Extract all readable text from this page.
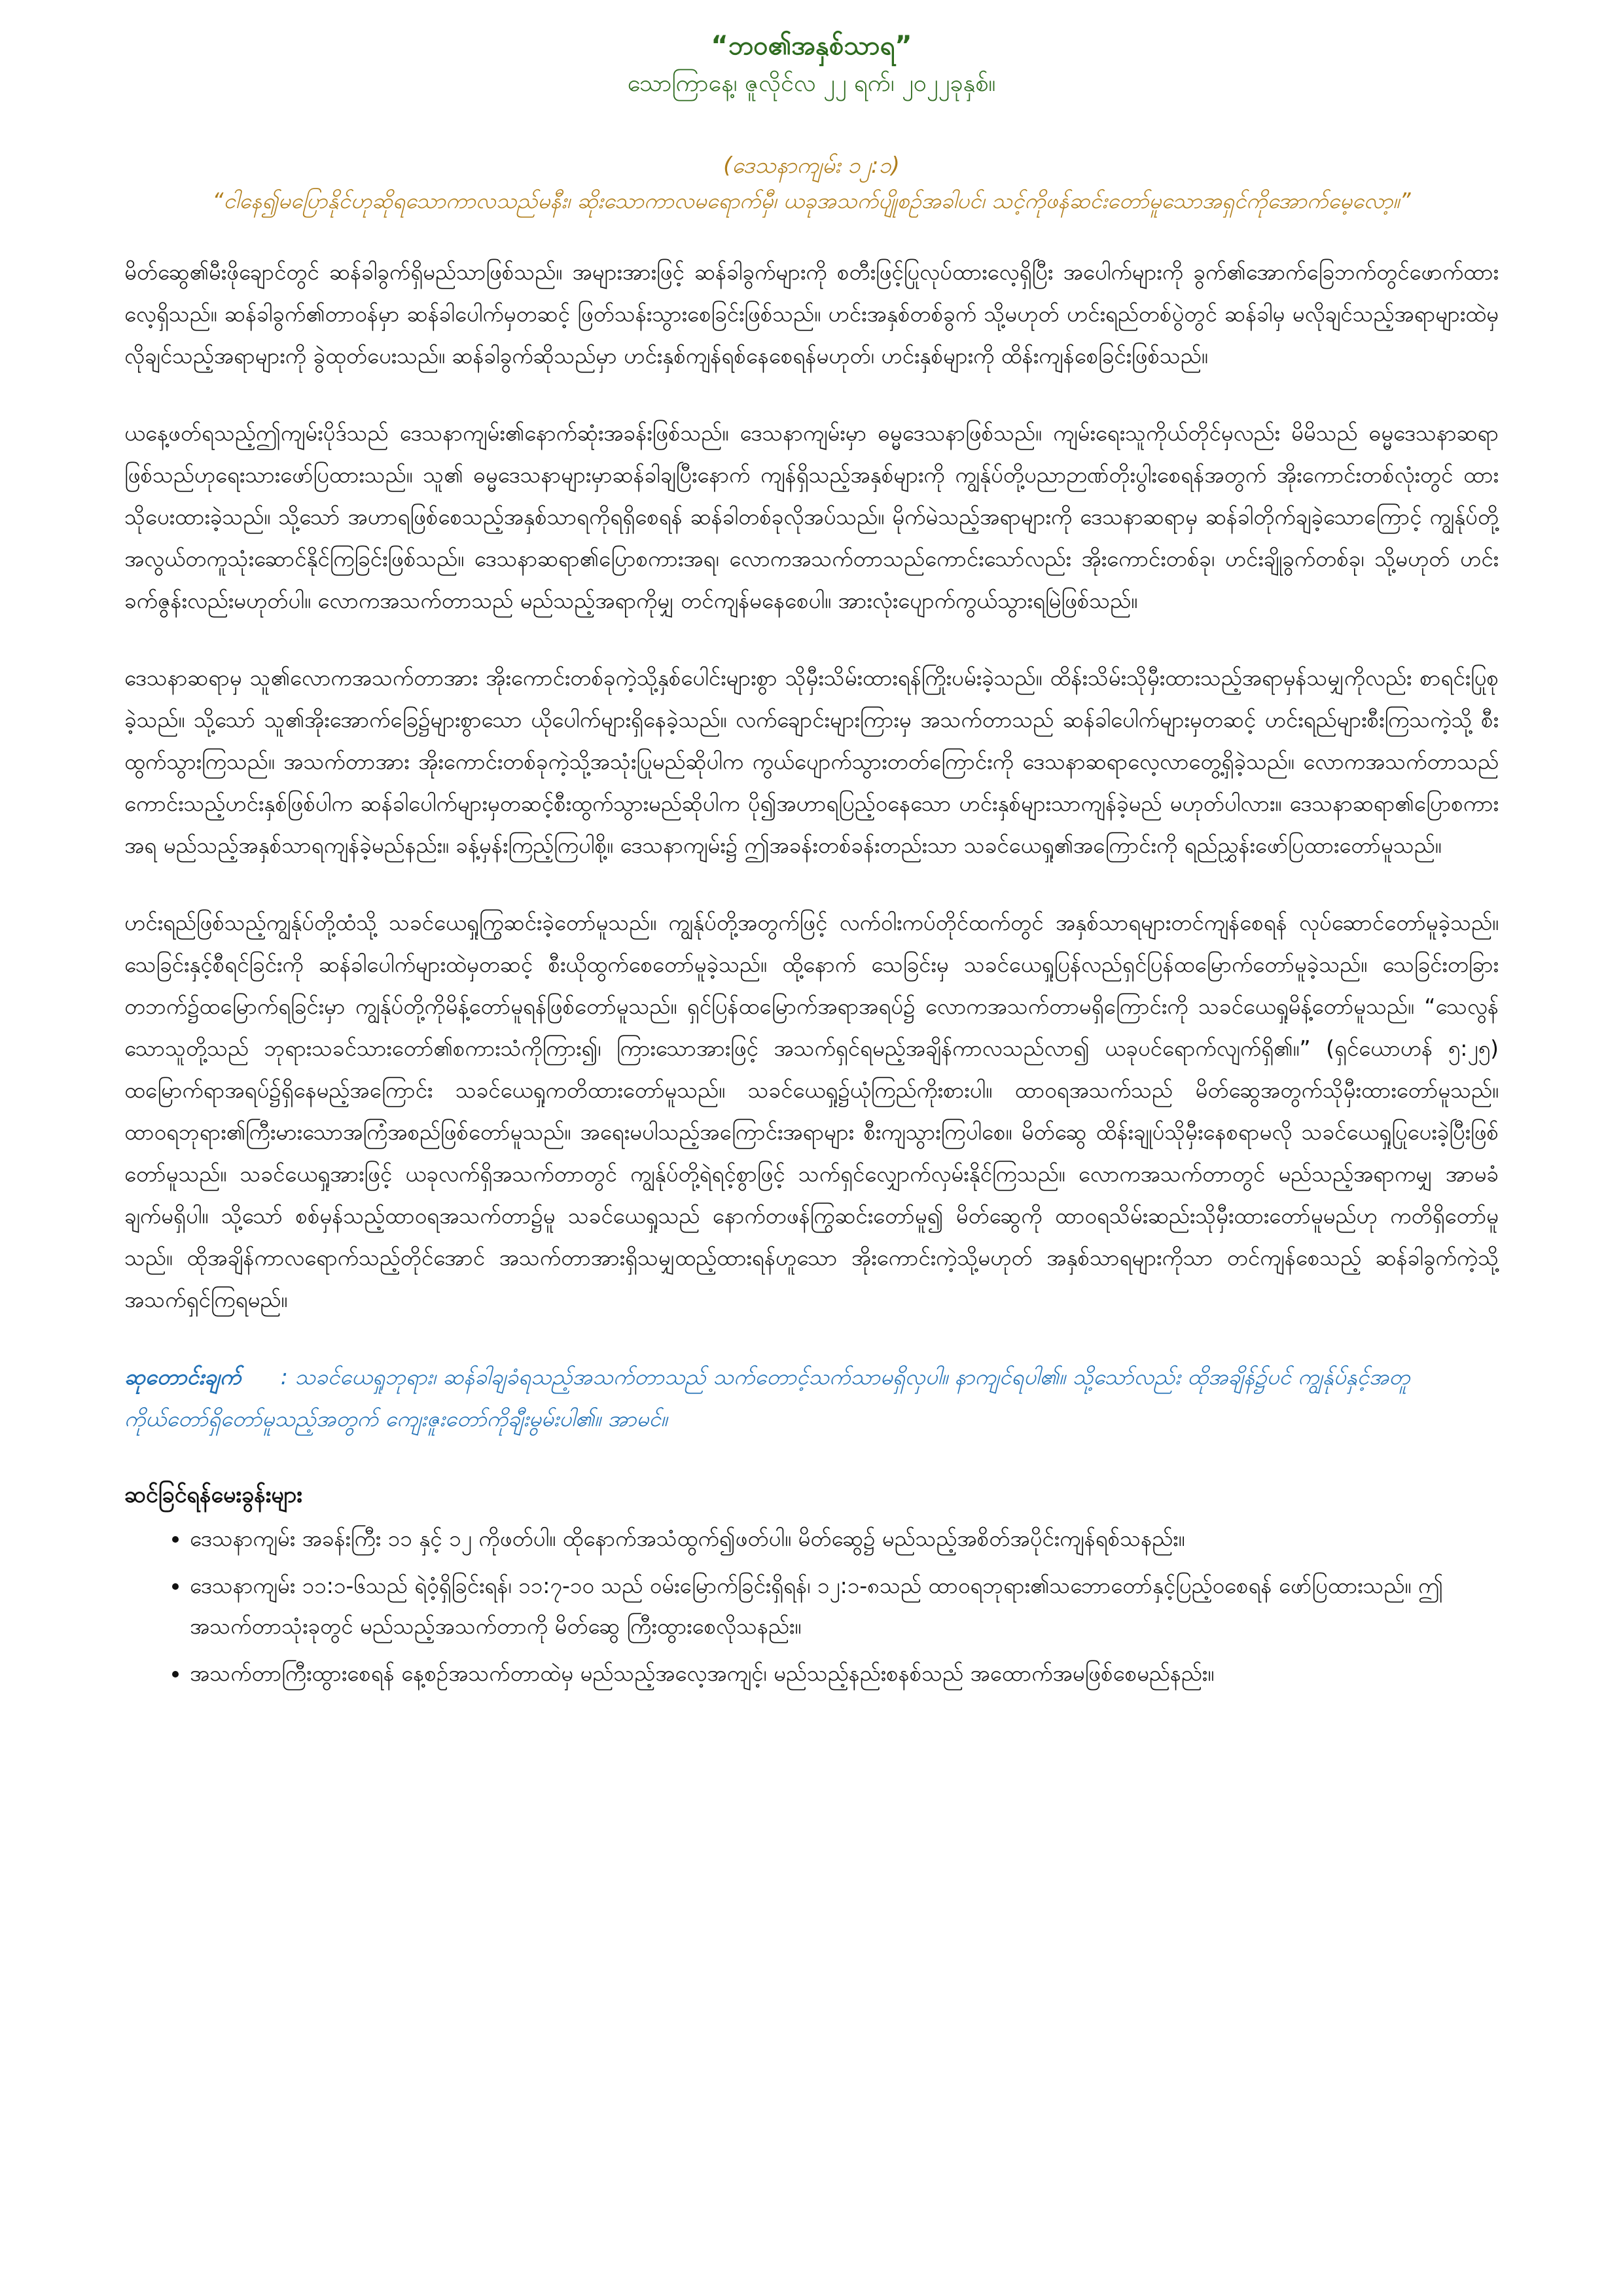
“ဘဝ၏အနှစ်သာရ”

သောကြာနေ့၊ ဇူလိုင်လ ၂၂ ရက်၊ ၂၀၂၂ခုနှစ်။

(ဒေသနာကျမ်း ၁၂:၁)

“ငါနေ၍မပြောနိုင်ဟုဆိုရသောကာလသည်မနီး၊ ဆိုးသောကာလမရောက်မှီ၊ ယခုအသက်ပျိုစဉ်အခါပင်၊ သင့်ကိုဖန်ဆင်းတော်မူသောအရှင်ကိုအောက်မေ့လော့။”

မိတ်ဆွေ၏မီးဖိုချောင်တွင် ဆန်ခါခွက်ရှိမည်သာဖြစ်သည်။ အများအားဖြင့် ဆန်ခါခွက်များကို စတီးဖြင့်ပြုလုပ်ထားလေ့ရှိပြီး အပေါက်များကို ခွက်၏အောက်ခြေဘက်တွင်ဖောက်ထားလေ့ရှိသည်။ ဆန်ခါခွက်၏တာဝန်မှာ ဆန်ခါပေါက်မှတဆင့် ဖြတ်သန်းသွားစေခြင်းဖြစ်သည်။ ဟင်းအနှစ်တစ်ခွက် သို့မဟုတ် ဟင်းရည်တစ်ပွဲတွင် ဆန်ခါမှ မလိုချင်သည့်အရာများထဲမှ လိုချင်သည့်အရာများကို ခွဲထုတ်ပေးသည်။ ဆန်ခါခွက်ဆိုသည်မှာ ဟင်းနှစ်ကျန်ရစ်နေစေရန်မဟုတ်၊ ဟင်းနှစ်များကို ထိန်းကျန်စေခြင်းဖြစ်သည်။

ယနေ့ဖတ်ရသည့်ဤကျမ်းပိုဒ်သည် ဒေသနာကျမ်း၏နောက်ဆုံးအခန်းဖြစ်သည်။ ဒေသနာကျမ်းမှာ ဓမ္မဒေသနာဖြစ်သည်။ ကျမ်းရေးသူကိုယ်တိုင်မှလည်း မိမိသည် ဓမ္မဒေသနာဆရာဖြစ်သည်ဟုရေးသားဖော်ပြထားသည်။ သူ၏ ဓမ္မဒေသနာများမှာဆန်ခါချပြီးနောက် ကျန်ရှိသည့်အနှစ်များကို ကျွန်ုပ်တို့ပညာဉာဏ်တိုးပွါးစေရန်အတွက် အိုးကောင်းတစ်လုံးတွင် ထားသိုပေးထားခဲ့သည်။ သို့သော် အဟာရဖြစ်စေသည့်အနှစ်သာရကိုရရှိစေရန် ဆန်ခါတစ်ခုလိုအပ်သည်။ မိုက်မဲသည့်အရာများကို ဒေသနာဆရာမှ ဆန်ခါတိုက်ချခဲ့သောကြောင့် ကျွန်ုပ်တို့ အလွယ်တကူသုံးဆောင်နိုင်ကြခြင်းဖြစ်သည်။ ဒေသနာဆရာ၏ပြောစကားအရ၊ လောကအသက်တာသည်ကောင်းသော်လည်း အိုးကောင်းတစ်ခု၊ ဟင်းချိုခွက်တစ်ခု၊ သို့မဟုတ် ဟင်းခက်ဇွန်းလည်းမဟုတ်ပါ။ လောကအသက်တာသည် မည်သည့်အရာကိုမျှ တင်ကျန်မနေစေပါ။ အားလုံးပျောက်ကွယ်သွားရမြဲဖြစ်သည်။

ဒေသနာဆရာမှ သူ၏လောကအသက်တာအား အိုးကောင်းတစ်ခုကဲ့သို့နှစ်ပေါင်းများစွာ သိုမှီးသိမ်းထားရန်ကြိုးပမ်းခဲ့သည်။ ထိန်းသိမ်းသိုမှီးထားသည့်အရာမှန်သမျှကိုလည်း စာရင်းပြုစုခဲ့သည်။ သို့သော် သူ၏အိုးအောက်ခြေ၌များစွာသော ယိုပေါက်များရှိနေခဲ့သည်။ လက်ချောင်းများကြားမှ အသက်တာသည် ဆန်ခါပေါက်များမှတဆင့် ဟင်းရည်များစီးကြသကဲ့သို့ စီးထွက်သွားကြသည်။ အသက်တာအား အိုးကောင်းတစ်ခုကဲ့သို့အသုံးပြုမည်ဆိုပါက ကွယ်ပျောက်သွားတတ်ကြောင်းကို ဒေသနာဆရာလေ့လာတွေ့ရှိခဲ့သည်။ လောကအသက်တာသည် ကောင်းသည့်ဟင်းနှစ်ဖြစ်ပါက ဆန်ခါပေါက်များမှတဆင့်စီးထွက်သွားမည်ဆိုပါက ပို၍အဟာရပြည့်ဝနေသော ဟင်းနှစ်များသာကျန်ခဲ့မည် မဟုတ်ပါလား။ ဒေသနာဆရာ၏ပြောစကားအရ မည်သည့်အနှစ်သာရကျန်ခဲ့မည်နည်း။ ခန့်မှန်းကြည့်ကြပါစို့။ ဒေသနာကျမ်း၌ ဤအခန်းတစ်ခန်းတည်းသာ သခင်ယေရှု၏အကြောင်းကို ရည်ညွှန်းဖော်ပြထားတော်မူသည်။

ဟင်းရည်ဖြစ်သည့်ကျွန်ုပ်တို့ထံသို့ သခင်ယေရှုကြွဆင်းခဲ့တော်မူသည်။ ကျွန်ုပ်တို့အတွက်ဖြင့် လက်ဝါးကပ်တိုင်ထက်တွင် အနှစ်သာရများတင်ကျန်စေရန် လုပ်ဆောင်တော်မူခဲ့သည်။ သေခြင်းနှင့်စီရင်ခြင်းကို ဆန်ခါပေါက်များထဲမှတဆင့် စီးယိုထွက်စေတော်မူခဲ့သည်။ ထို့နောက် သေခြင်းမှ သခင်ယေရှုပြန်လည်ရှင်ပြန်ထမြောက်တော်မူခဲ့သည်။ သေခြင်းတခြားတဘက်၌ထမြောက်ရခြင်းမှာ ကျွန်ုပ်တို့ကိုမိန့်တော်မူရန်ဖြစ်တော်မူသည်။ ရှင်ပြန်ထမြောက်အရာအရပ်၌ လောကအသက်တာမရှိကြောင်းကို သခင်ယေရှုမိန့်တော်မူသည်။ “သေလွန်သောသူတို့သည် ဘုရားသခင်သားတော်၏စကားသံကိုကြား၍၊ ကြားသောအားဖြင့် အသက်ရှင်ရမည့်အချိန်ကာလသည်လာ၍ ယခုပင်ရောက်လျက်ရှိ၏။” (ရှင်ယောဟန် ၅:၂၅) ထမြောက်ရာအရပ်၌ရှိနေမည့်အကြောင်း သခင်ယေရှုကတိထားတော်မူသည်။ သခင်ယေရှု၌ယုံကြည်ကိုးစားပါ။ ထာဝရအသက်သည် မိတ်ဆွေအတွက်သိုမှီးထားတော်မူသည်။ ထာဝရဘုရား၏ကြီးမားသောအကြံအစည်ဖြစ်တော်မူသည်။ အရေးမပါသည့်အကြောင်းအရာများ စီးကျသွားကြပါစေ။ မိတ်ဆွေ ထိန်းချုပ်သိုမှီးနေစရာမလို သခင်ယေရှုပြုပေးခဲ့ပြီးဖြစ်တော်မူသည်။ သခင်ယေရှုအားဖြင့် ယခုလက်ရှိအသက်တာတွင် ကျွန်ုပ်တို့ရဲရင့်စွာဖြင့် သက်ရှင်လျှောက်လှမ်းနိုင်ကြသည်။ လောကအသက်တာတွင် မည်သည့်အရာကမျှ အာမခံချက်မရှိပါ။ သို့သော် စစ်မှန်သည့်ထာဝရအသက်တာ၌မူ သခင်ယေရှုသည် နောက်တဖန်ကြွဆင်းတော်မူ၍ မိတ်ဆွေကို ထာဝရသိမ်းဆည်းသိုမှီးထားတော်မူမည်ဟု ကတိရှိတော်မူသည်။ ထိုအချိန်ကာလရောက်သည့်တိုင်အောင် အသက်တာအားရှိသမျှထည့်ထားရန်ဟူသော အိုးကောင်းကဲ့သို့မဟုတ် အနှစ်သာရများကိုသာ တင်ကျန်စေသည့် ဆန်ခါခွက်ကဲ့သို့ အသက်ရှင်ကြရမည်။

ဆုတောင်းချက် : သခင်ယေရှုဘုရား၊ ဆန်ခါချခံရသည့်အသက်တာသည် သက်တောင့်သက်သာမရှိလှပါ။ နာကျင်ရပါ၏။ သို့သော်လည်း ထိုအချိန်၌ပင် ကျွန်ုပ်နှင့်အတူ ကိုယ်တော်ရှိတော်မူသည့်အတွက် ကျေးဇူးတော်ကိုချီးမွမ်းပါ၏။ အာမင်။

ဆင်ခြင်ရန်မေးခွန်းများ
• ဒေသနာကျမ်း အခန်းကြီး ၁၁ နှင့် ၁၂ ကိုဖတ်ပါ။ ထိုနောက်အသံထွက်၍ဖတ်ပါ။ မိတ်ဆွေ၌ မည်သည့်အစိတ်အပိုင်းကျန်ရစ်သနည်း။
• ဒေသနာကျမ်း ၁၁:၁-၆သည် ရဲဝံ့ရှိခြင်းရန်၊ ၁၁:၇-၁၀ သည် ဝမ်းမြောက်ခြင်းရှိရန်၊ ၁၂:၁-၈သည် ထာဝရဘုရား၏သဘောတော်နှင့်ပြည့်ဝစေရန် ဖော်ပြထားသည်။ ဤအသက်တာသုံးခုတွင် မည်သည့်အသက်တာကို မိတ်ဆွေ ကြီးထွားစေလိုသနည်း။
• အသက်တာကြီးထွားစေရန် နေ့စဉ်အသက်တာထဲမှ မည်သည့်အလေ့အကျင့်၊ မည်သည့်နည်းစနစ်သည် အထောက်အမဖြစ်စေမည်နည်း။
